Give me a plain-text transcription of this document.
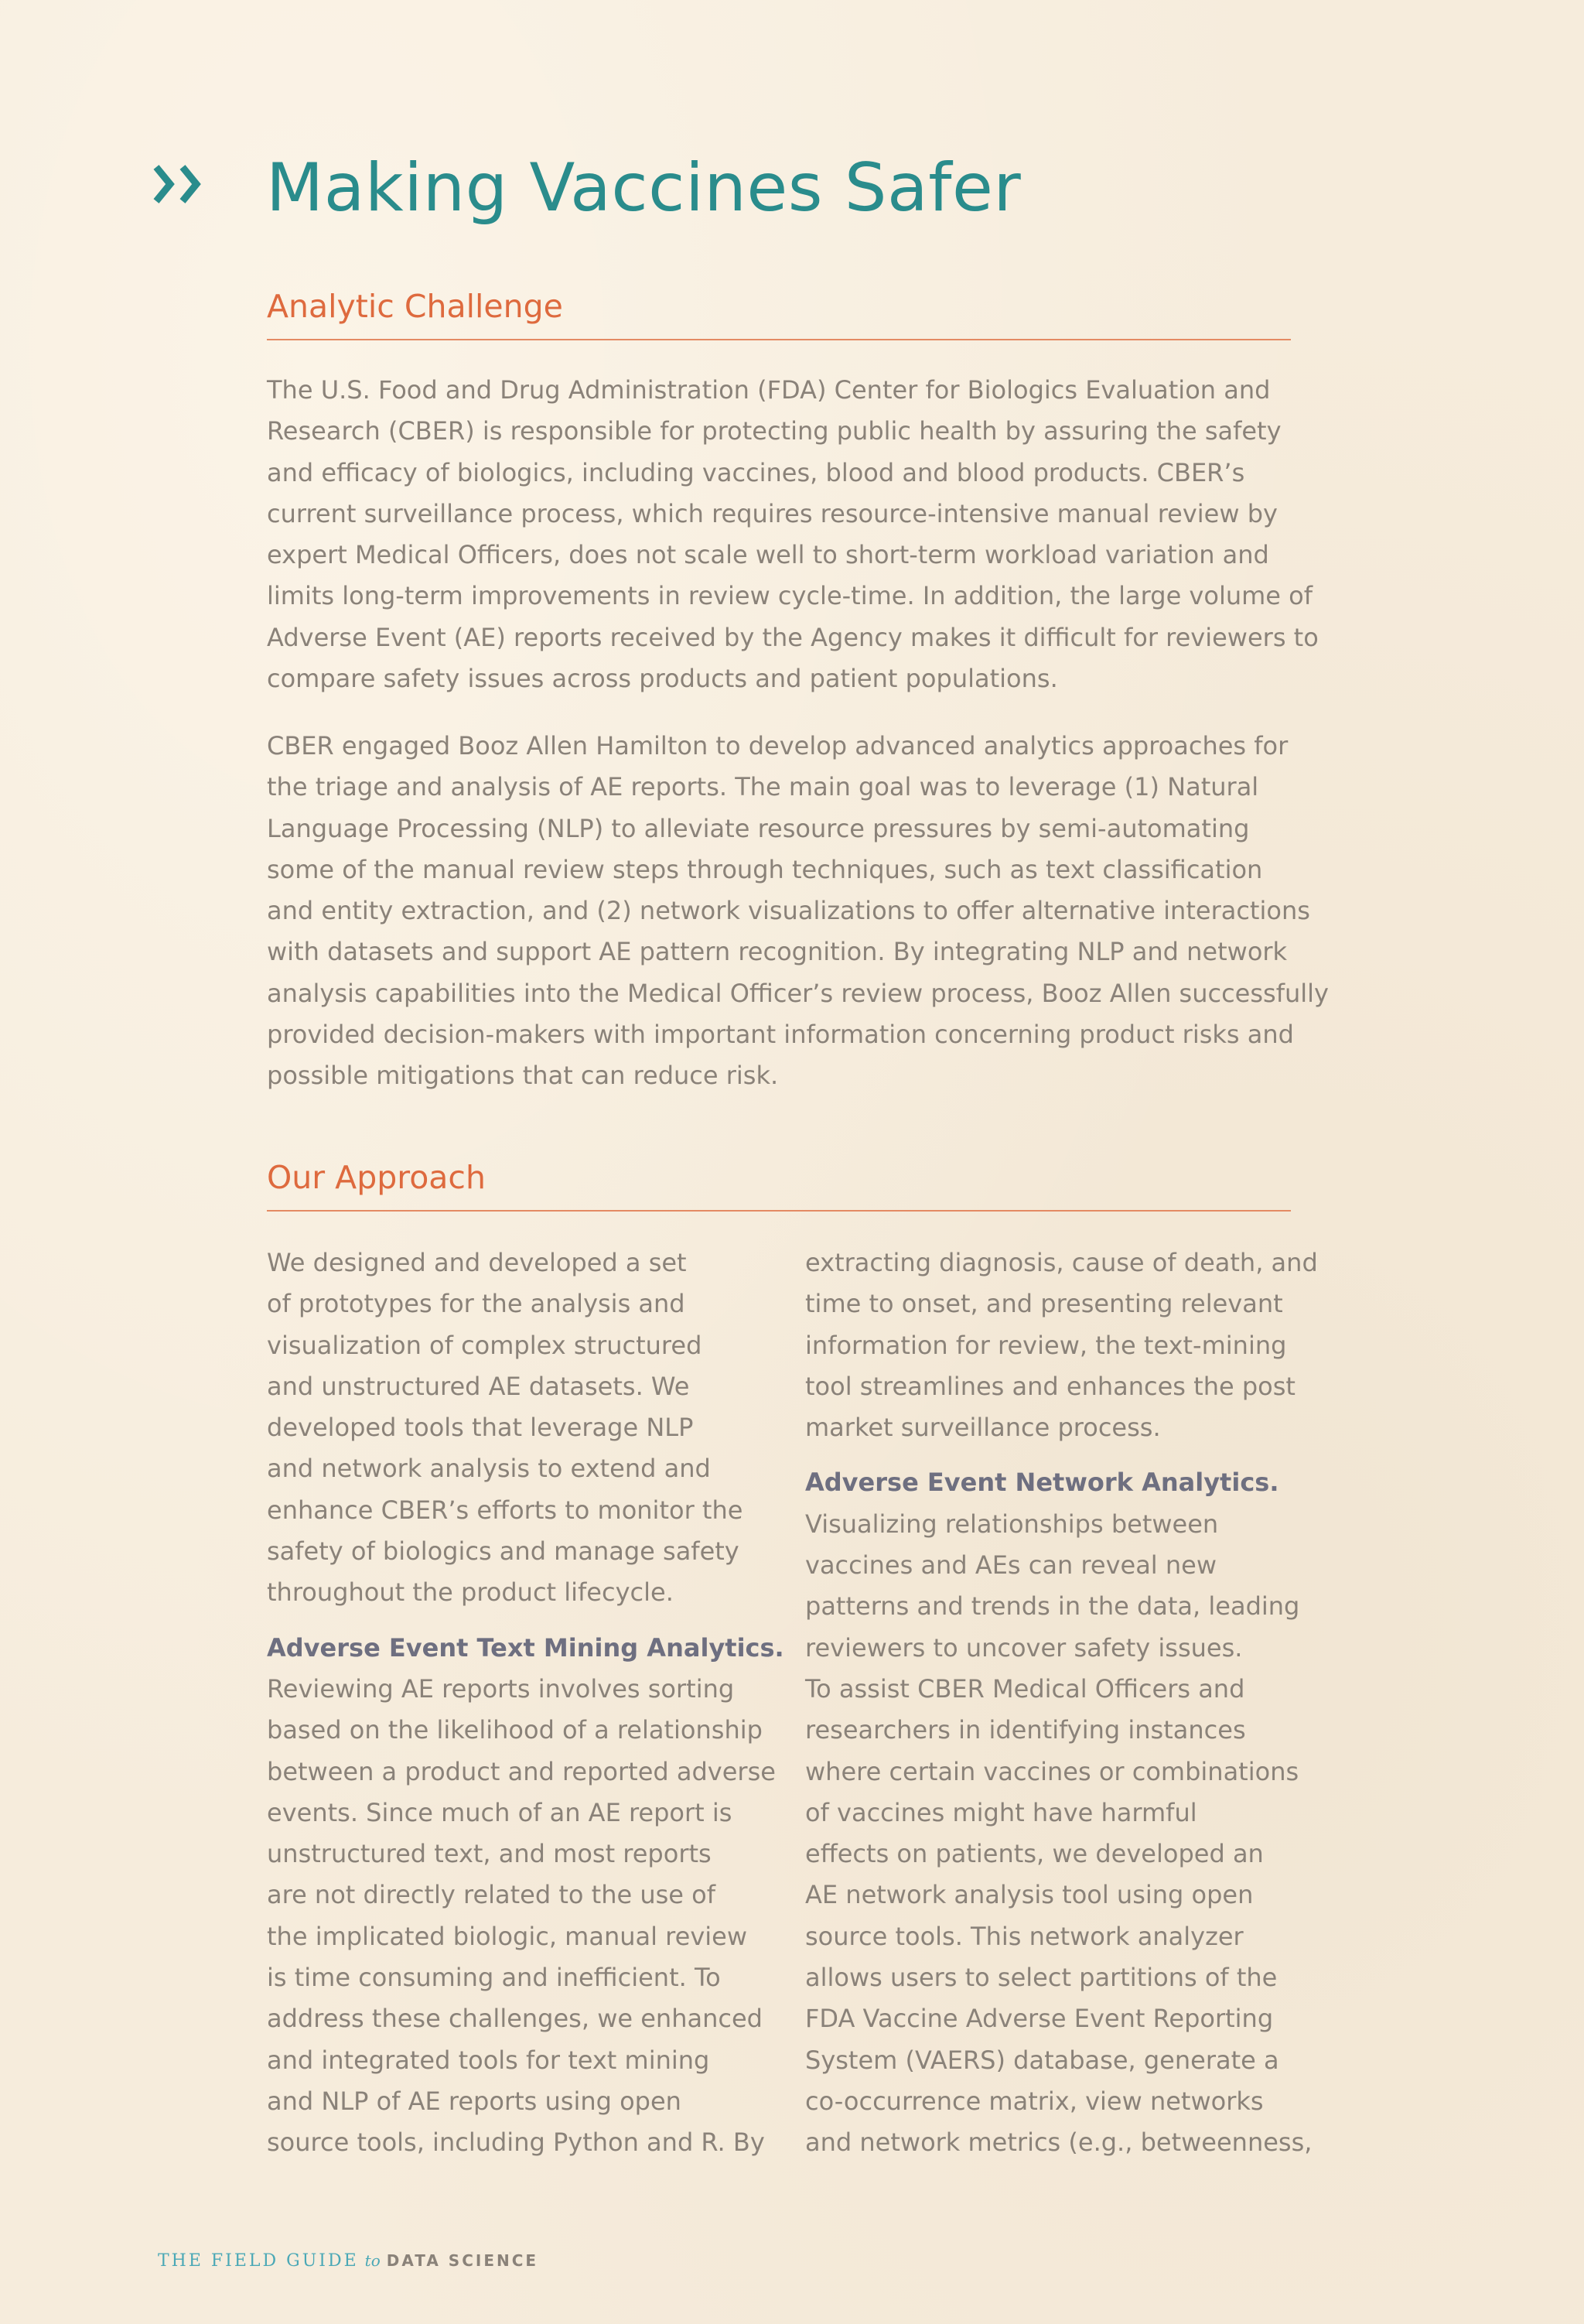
Making Vaccines Safer
Analytic Challenge
The U.S. Food and Drug Administration (FDA) Center for Biologics Evaluation and
Research (CBER) is responsible for protecting public health by assuring the safety
and efficacy of biologics, including vaccines, blood and blood products. CBER’s
current surveillance process, which requires resource-intensive manual review by
expert Medical Officers, does not scale well to short-term workload variation and
limits long-term improvements in review cycle-time. In addition, the large volume of
Adverse Event (AE) reports received by the Agency makes it difficult for reviewers to
compare safety issues across products and patient populations.
CBER engaged Booz Allen Hamilton to develop advanced analytics approaches for
the triage and analysis of AE reports. The main goal was to leverage (1) Natural
Language Processing (NLP) to alleviate resource pressures by semi-automating
some of the manual review steps through techniques, such as text classification
and entity extraction, and (2) network visualizations to offer alternative interactions
with datasets and support AE pattern recognition. By integrating NLP and network
analysis capabilities into the Medical Officer’s review process, Booz Allen successfully
provided decision-makers with important information concerning product risks and
possible mitigations that can reduce risk.
Our Approach
We designed and developed a set
of prototypes for the analysis and
visualization of complex structured
and unstructured AE datasets. We
developed tools that leverage NLP
and network analysis to extend and
enhance CBER’s efforts to monitor the
safety of biologics and manage safety
throughout the product lifecycle.
Adverse Event Text Mining Analytics.
Reviewing AE reports involves sorting
based on the likelihood of a relationship
between a product and reported adverse
events. Since much of an AE report is
unstructured text, and most reports
are not directly related to the use of
the implicated biologic, manual review
is time consuming and inefficient. To
address these challenges, we enhanced
and integrated tools for text mining
and NLP of AE reports using open
source tools, including Python and R. By
extracting diagnosis, cause of death, and
time to onset, and presenting relevant
information for review, the text-mining
tool streamlines and enhances the post
market surveillance process.
Adverse Event Network Analytics.
Visualizing relationships between
vaccines and AEs can reveal new
patterns and trends in the data, leading
reviewers to uncover safety issues.
To assist CBER Medical Officers and
researchers in identifying instances
where certain vaccines or combinations
of vaccines might have harmful
effects on patients, we developed an
AE network analysis tool using open
source tools. This network analyzer
allows users to select partitions of the
FDA Vaccine Adverse Event Reporting
System (VAERS) database, generate a
co-occurrence matrix, view networks
and network metrics (e.g., betweenness,
THE FIELD GUIDE to DATA SCIENCE
